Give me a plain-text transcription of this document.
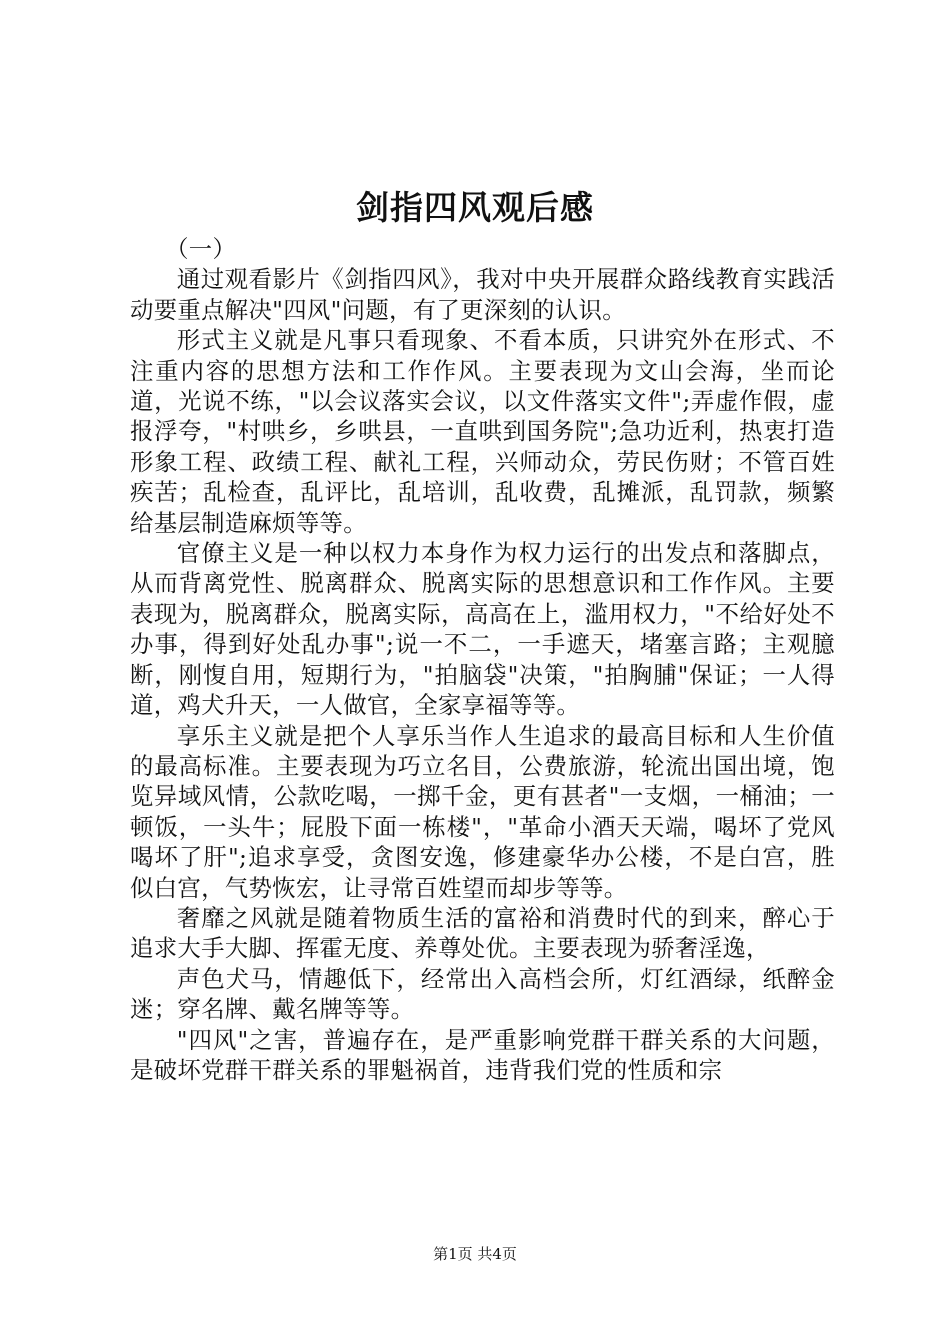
剑指四风观后感

（一）

通过观看影片《剑指四风》，我对中央开展群众路线教育实践活动要重点解决"四风"问题，有了更深刻的认识。

形式主义就是凡事只看现象、不看本质，只讲究外在形式、不注重内容的思想方法和工作作风。主要表现为文山会海，坐而论道，光说不练，"以会议落实会议，以文件落实文件";弄虚作假，虚报浮夸，"村哄乡，乡哄县，一直哄到国务院";急功近利，热衷打造形象工程、政绩工程、献礼工程，兴师动众，劳民伤财；不管百姓疾苦；乱检查，乱评比，乱培训，乱收费，乱摊派，乱罚款，频繁给基层制造麻烦等等。

官僚主义是一种以权力本身作为权力运行的出发点和落脚点，从而背离党性、脱离群众、脱离实际的思想意识和工作作风。主要表现为，脱离群众，脱离实际，高高在上，滥用权力，"不给好处不办事，得到好处乱办事";说一不二，一手遮天，堵塞言路；主观臆断，刚愎自用，短期行为，"拍脑袋"决策，"拍胸脯"保证；一人得道，鸡犬升天，一人做官，全家享福等等。

享乐主义就是把个人享乐当作人生追求的最高目标和人生价值的最高标准。主要表现为巧立名目，公费旅游，轮流出国出境，饱览异域风情，公款吃喝，一掷千金，更有甚者"一支烟，一桶油；一顿饭，一头牛；屁股下面一栋楼"，"革命小酒天天端，喝坏了党风喝坏了肝";追求享受，贪图安逸，修建豪华办公楼，不是白宫，胜似白宫，气势恢宏，让寻常百姓望而却步等等。

奢靡之风就是随着物质生活的富裕和消费时代的到来，醉心于追求大手大脚、挥霍无度、养尊处优。主要表现为骄奢淫逸，

声色犬马，情趣低下，经常出入高档会所，灯红酒绿，纸醉金迷；穿名牌、戴名牌等等。

"四风"之害，普遍存在，是严重影响党群干群关系的大问题，是破坏党群干群关系的罪魁祸首，违背我们党的性质和宗

第1页 共4页
